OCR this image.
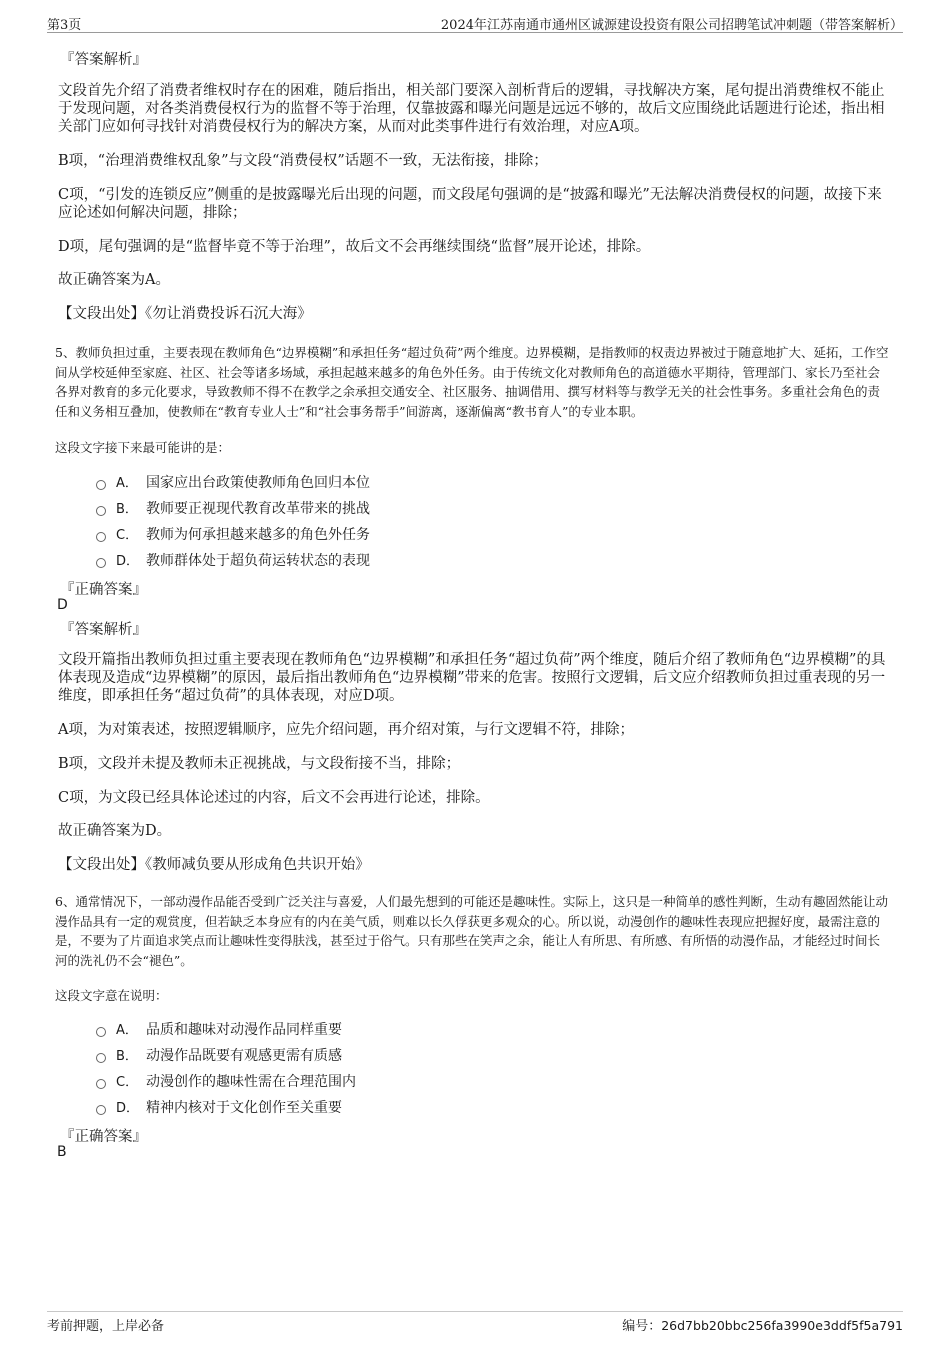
第3页	2024年江苏南通市通州区诚源建设投资有限公司招聘笔试冲刺题（带答案解析）
『答案解析』
文段首先介绍了消费者维权时存在的困难，随后指出，相关部门要深入剖析背后的逻辑，寻找解决方案，尾句提出消费维权不能止于发现问题，对各类消费侵权行为的监督不等于治理，仅靠披露和曝光问题是远远不够的，故后文应围绕此话题进行论述，指出相关部门应如何寻找针对消费侵权行为的解决方案，从而对此类事件进行有效治理，对应A项。
B项，“治理消费维权乱象”与文段“消费侵权”话题不一致，无法衔接，排除；
C项，“引发的连锁反应”侧重的是披露曝光后出现的问题，而文段尾句强调的是“披露和曝光”无法解决消费侵权的问题，故接下来应论述如何解决问题，排除；
D项，尾句强调的是“监督毕竟不等于治理”，故后文不会再继续围绕“监督”展开论述，排除。
故正确答案为A。
【文段出处】《勿让消费投诉石沉大海》
5、教师负担过重，主要表现在教师角色“边界模糊”和承担任务“超过负荷”两个维度。边界模糊，是指教师的权责边界被过于随意地扩大、延拓，工作空间从学校延伸至家庭、社区、社会等诸多场域，承担起越来越多的角色外任务。由于传统文化对教师角色的高道德水平期待，管理部门、家长乃至社会各界对教育的多元化要求，导致教师不得不在教学之余承担交通安全、社区服务、抽调借用、撰写材料等与教学无关的社会性事务。多重社会角色的责任和义务相互叠加，使教师在“教育专业人士”和“社会事务帮手”间游离，逐渐偏离“教书育人”的专业本职。
这段文字接下来最可能讲的是：
A． 国家应出台政策使教师角色回归本位
B． 教师要正视现代教育改革带来的挑战
C． 教师为何承担越来越多的角色外任务
D． 教师群体处于超负荷运转状态的表现
『正确答案』
D
『答案解析』
文段开篇指出教师负担过重主要表现在教师角色“边界模糊”和承担任务“超过负荷”两个维度，随后介绍了教师角色“边界模糊”的具体表现及造成“边界模糊”的原因，最后指出教师角色“边界模糊”带来的危害。按照行文逻辑，后文应介绍教师负担过重表现的另一维度，即承担任务“超过负荷”的具体表现，对应D项。
A项，为对策表述，按照逻辑顺序，应先介绍问题，再介绍对策，与行文逻辑不符，排除；
B项，文段并未提及教师未正视挑战，与文段衔接不当，排除；
C项，为文段已经具体论述过的内容，后文不会再进行论述，排除。
故正确答案为D。
【文段出处】《教师减负要从形成角色共识开始》
6、通常情况下，一部动漫作品能否受到广泛关注与喜爱，人们最先想到的可能还是趣味性。实际上，这只是一种简单的感性判断，生动有趣固然能让动漫作品具有一定的观赏度，但若缺乏本身应有的内在美气质，则难以长久俘获更多观众的心。所以说，动漫创作的趣味性表现应把握好度，最需注意的是，不要为了片面追求笑点而让趣味性变得肤浅，甚至过于俗气。只有那些在笑声之余，能让人有所思、有所感、有所悟的动漫作品，才能经过时间长河的洗礼仍不会“褪色”。
这段文字意在说明：
A． 品质和趣味对动漫作品同样重要
B． 动漫作品既要有观感更需有质感
C． 动漫创作的趣味性需在合理范围内
D． 精神内核对于文化创作至关重要
『正确答案』
B
考前押题，上岸必备	编号：26d7bb20bbc256fa3990e3ddf5f5a791
